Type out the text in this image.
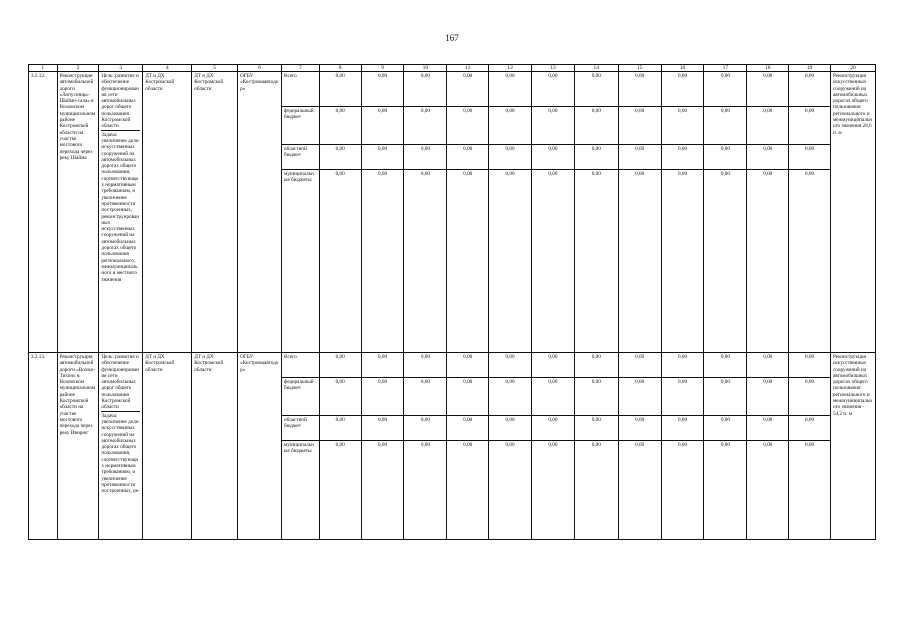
167
1	2	3	4	5	6	7	8	9	10	11	12	13	14	15	16	17	18	19	20
3.2.12.	Реконструкция автомобильной дороги «Лопусинцы-Шайми-сала» в Вохомском муниципальном районе Костромской области на участке мостового перехода через реку Шайма	Цель: развитие и обеспечение функционирования сети автомобильных дорог общего пользования Костромской области
Задача: увеличение доли искусственных сооружений на автомобильных дорогах общего пользования, соответствующих нормативным требованиям, и увеличение протяженности построенных, реконструированных искусственных сооружений на автомобильных дорогах общего пользования регионального, межмуниципального и местного значения	ДТ и ДХ Костромской области	ДТ и ДХ Костромской области	ОГБУ «Костромаавтодор»	Всего	0,00	0,00	0,00	0,00	0,00	0,00	0,00	0,00	0,00	0,00	0,00	0,00	Реконструкция искусственных сооружений на автомобильных дорогах общего пользования регионального и межмуниципального значения 28,6 п. м
						федеральный бюджет	0,00	0,00	0,00	0,00	0,00	0,00	0,00	0,00	0,00	0,00	0,00	0,00	
						областной бюджет	0,00	0,00	0,00	0,00	0,00	0,00	0,00	0,00	0,00	0,00	0,00	0,00	
						муниципальные бюджеты	0,00	0,00	0,00	0,00	0,00	0,00	0,00	0,00	0,00	0,00	0,00	0,00	
3.2.13.	Реконструкция автомобильной дороги «Вохма-Тихон» в Вохомском муниципальном районе Костромской области на участке мостового перехода через реку Ивирюг	Цель: развитие и обеспечение функционирования сети автомобильных дорог общего пользования Костромской области
Задача: увеличение доли искусственных сооружений на автомобильных дорогах общего пользования, соответствующих нормативным требованиям, и увеличение протяженности построенных, ре-	ДТ и ДХ Костромской области	ДТ и ДХ Костромской области	ОГБУ «Костромаавтодор»	Всего	0,00	0,00	0,00	0,00	0,00	0,00	0,00	0,00	0,00	0,00	0,00	0,00	Реконструкция искусственных сооружений на автомобильных дорогах общего пользования регионального и межмуниципального значения - 54,2 п. м
						федеральный бюджет	0,00	0,00	0,00	0,00	0,00	0,00	0,00	0,00	0,00	0,00	0,00	0,00	
						областной бюджет	0,00	0,00	0,00	0,00	0,00	0,00	0,00	0,00	0,00	0,00	0,00	0,00	
						муниципальные бюджеты	0,00	0,00	0,00	0,00	0,00	0,00	0,00	0,00	0,00	0,00	0,00	0,00	
